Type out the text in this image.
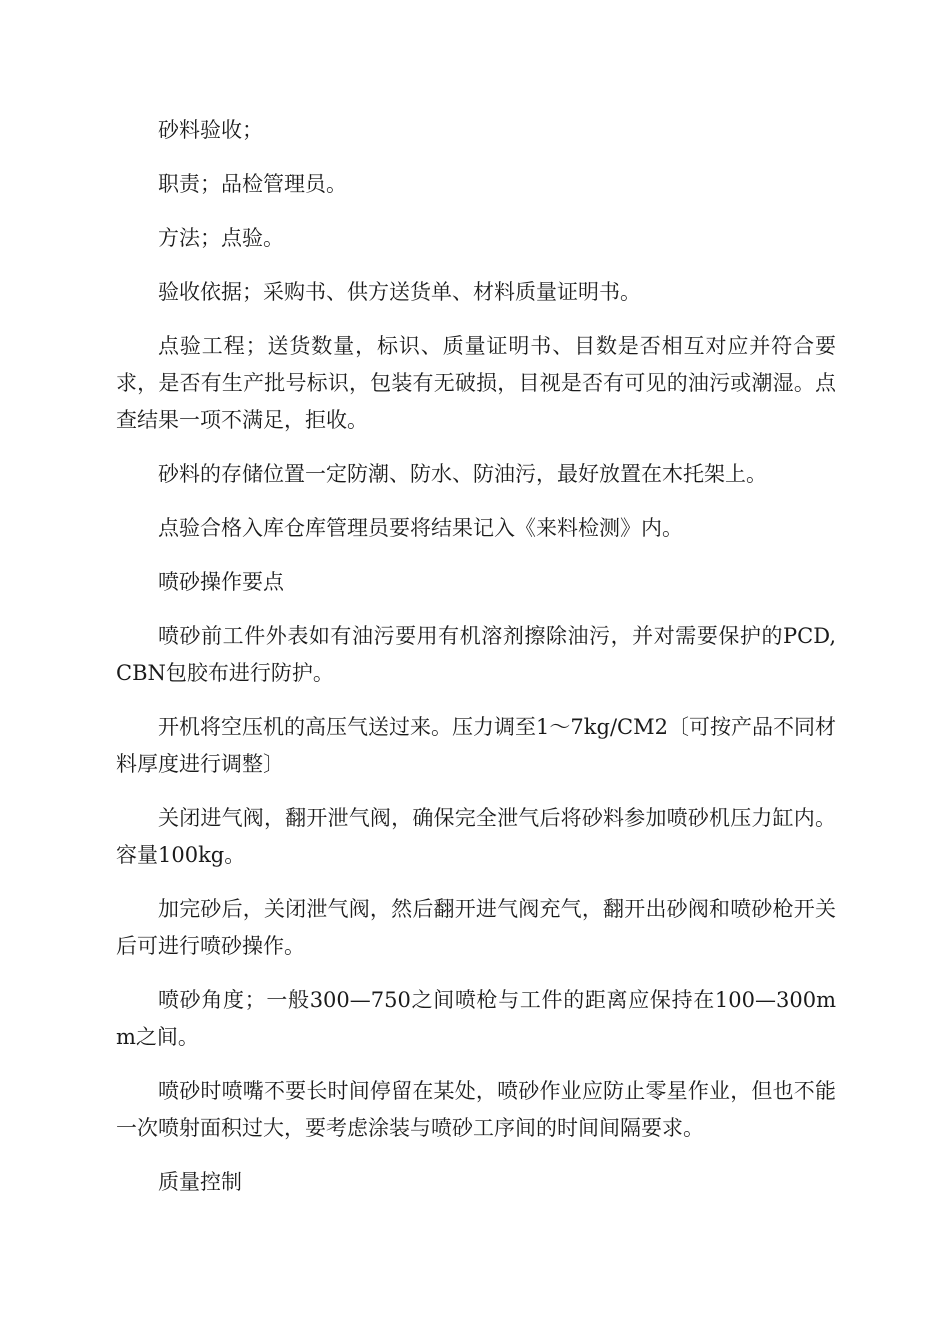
砂料验收；

职责；品检管理员。

方法；点验。

验收依据；采购书、供方送货单、材料质量证明书。

点验工程；送货数量，标识、质量证明书、目数是否相互对应并符合要求，是否有生产批号标识，包装有无破损，目视是否有可见的油污或潮湿。点查结果一项不满足，拒收。

砂料的存储位置一定防潮、防水、防油污，最好放置在木托架上。

点验合格入库仓库管理员要将结果记入《来料检测》内。

喷砂操作要点

喷砂前工件外表如有油污要用有机溶剂擦除油污，并对需要保护的PCD,CBN包胶布进行防护。

开机将空压机的高压气送过来。压力调至1～7kg/CM2〔可按产品不同材料厚度进行调整〕

关闭进气阀，翻开泄气阀，确保完全泄气后将砂料参加喷砂机压力缸内。容量100kg。

加完砂后，关闭泄气阀，然后翻开进气阀充气，翻开出砂阀和喷砂枪开关后可进行喷砂操作。

喷砂角度；一般300—750之间喷枪与工件的距离应保持在100—300mm之间。

喷砂时喷嘴不要长时间停留在某处，喷砂作业应防止零星作业，但也不能一次喷射面积过大，要考虑涂装与喷砂工序间的时间间隔要求。

质量控制
